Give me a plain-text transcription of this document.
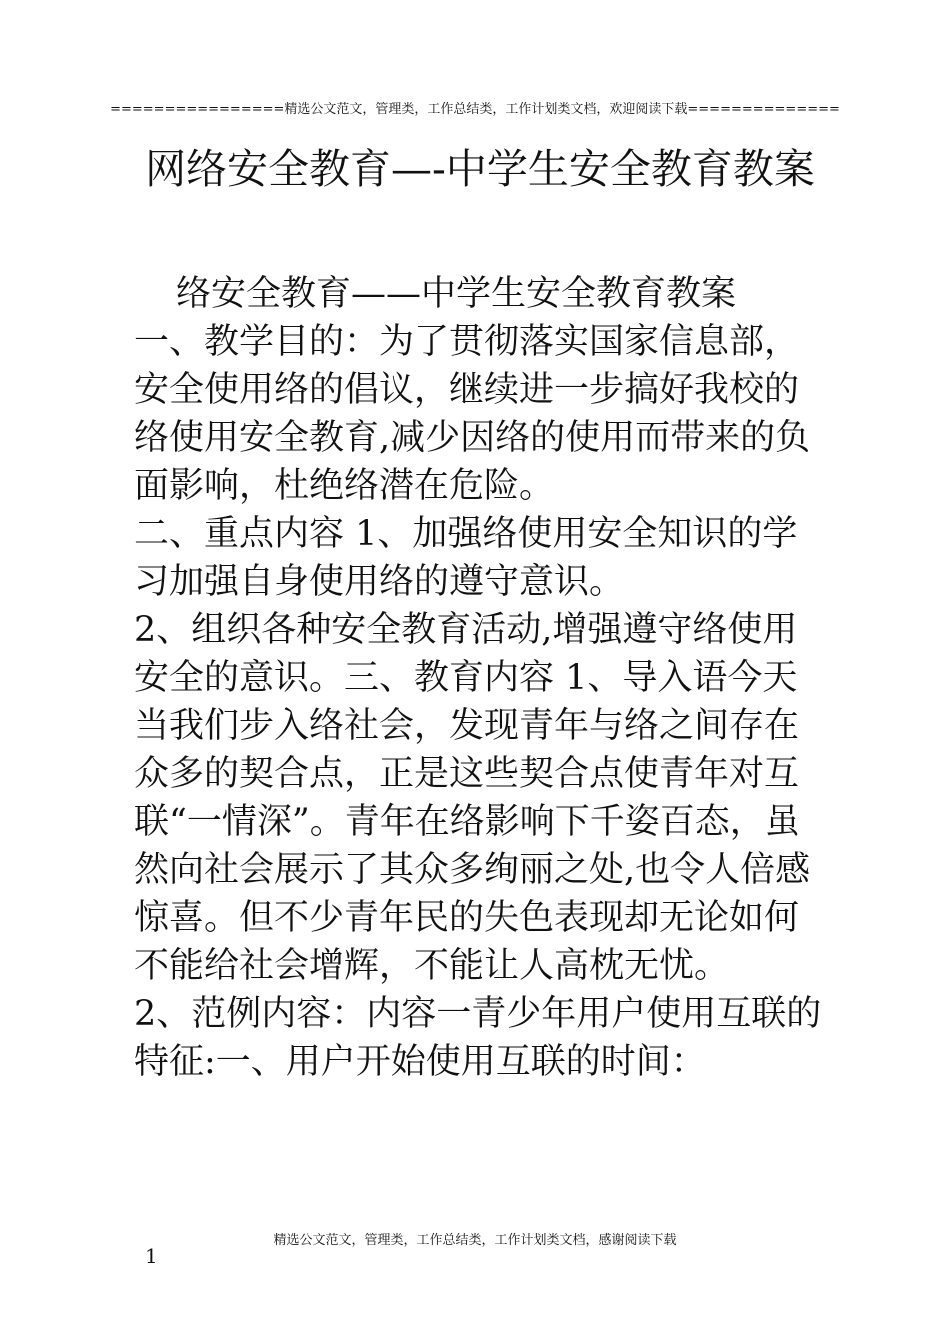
================精选公文范文，管理类，工作总结类，工作计划类文档，欢迎阅读下载==============
网络安全教育—-中学生安全教育教案

络安全教育——中学生安全教育教案

一、教学目的：为了贯彻落实国家信息部，安全使用络的倡议，继续进一步搞好我校的络使用安全教育,减少因络的使用而带来的负面影响，杜绝络潜在危险。

二、重点内容 1、加强络使用安全知识的学习加强自身使用络的遵守意识。

2、组织各种安全教育活动,增强遵守络使用安全的意识。三、教育内容 1、导入语今天当我们步入络社会，发现青年与络之间存在众多的契合点，正是这些契合点使青年对互联“一情深”。青年在络影响下千姿百态，虽然向社会展示了其众多绚丽之处,也令人倍感惊喜。但不少青年民的失色表现却无论如何不能给社会增辉，不能让人高枕无忧。

2、范例内容：内容一青少年用户使用互联的特征:一、用户开始使用互联的时间：

精选公文范文，管理类，工作总结类，工作计划类文档，感谢阅读下载
1
